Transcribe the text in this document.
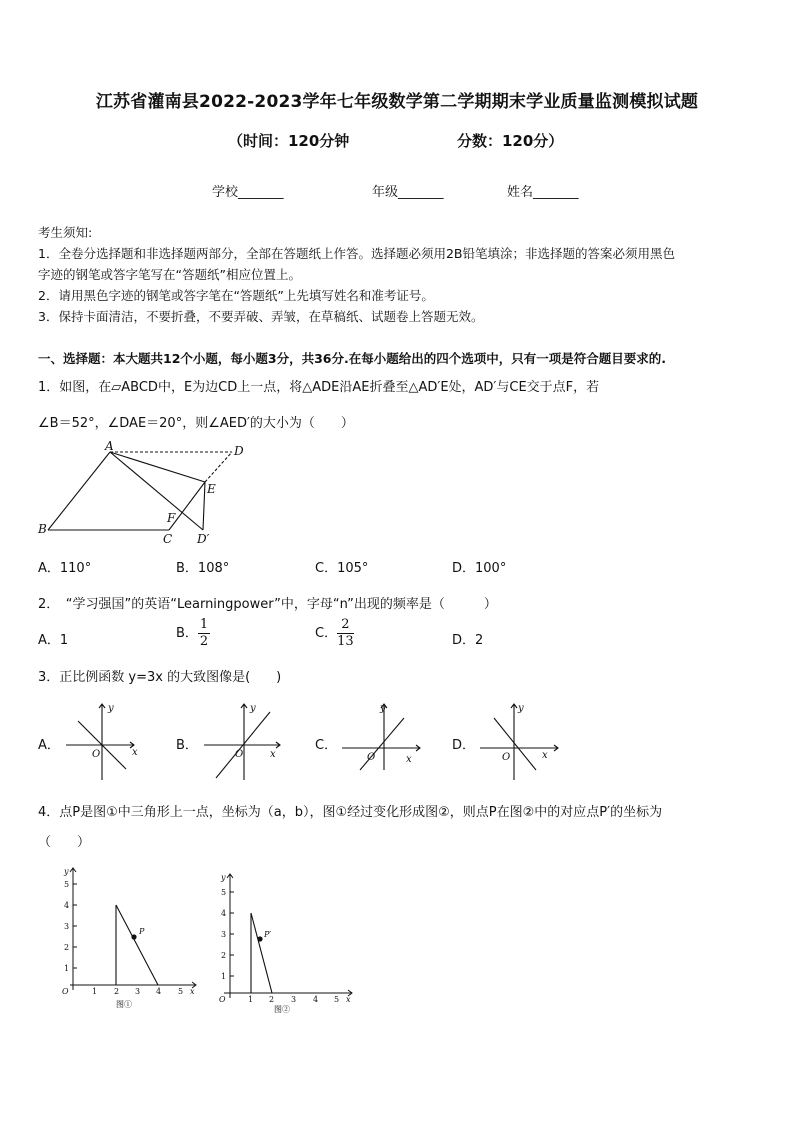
江苏省灌南县2022-2023学年七年级数学第二学期期末学业质量监测模拟试题
（时间：120分钟	分数：120分）
学校_______	年级_______	姓名_______
考生须知:
1．全卷分选择题和非选择题两部分，全部在答题纸上作答。选择题必须用2B铅笔填涂；非选择题的答案必须用黑色
字迹的钢笔或答字笔写在“答题纸”相应位置上。
2．请用黑色字迹的钢笔或答字笔在“答题纸”上先填写姓名和准考证号。
3．保持卡面清洁，不要折叠，不要弄破、弄皱，在草稿纸、试题卷上答题无效。
一、选择题：本大题共12个小题，每小题3分，共36分.在每小题给出的四个选项中，只有一项是符合题目要求的.
1．如图，在▱ABCD中，E为边CD上一点，将△ADE沿AE折叠至△AD′E处，AD′与CE交于点F，若
∠B＝52°，∠DAE＝20°，则∠AED′的大小为（　　）
A
B
C
D
E
F
D′
A．110°	B．108°	C．105°	D．100°
2．　“学习强国”的英语“Learningpower”中，字母“n”出现的频率是（　　　）
A．1	B． $\frac{1}{2}$	C． $\frac{2}{13}$	D．2
3．正比例函数 y=3x 的大致图像是(　　)
A．
y
x
O
B．
y
x
O
C．
y
x
O
D．
y
x
O
4．点P是图①中三角形上一点，坐标为（a，b），图①经过变化形成图②，则点P在图②中的对应点P′的坐标为
（　　）
1
2
3
4
5
1 2 3 4 5
O	x
y
P
图①
1
2
3
4
5
1 2 3 4 5
O	x
y
P′
图②
